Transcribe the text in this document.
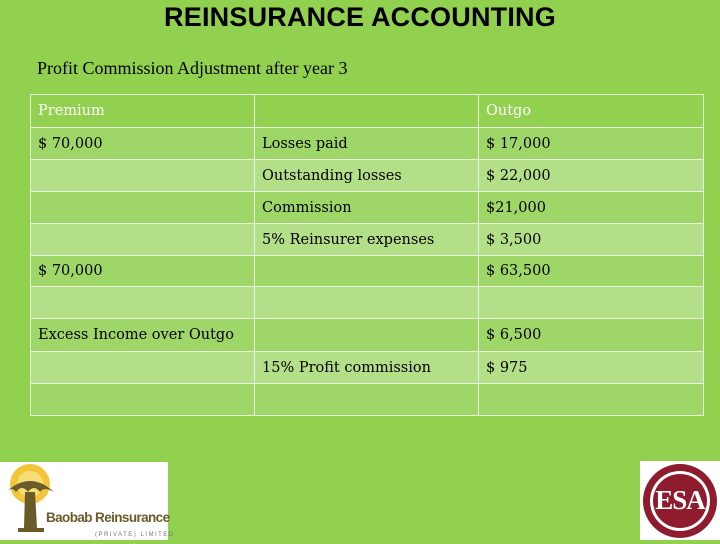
REINSURANCE ACCOUNTING
Profit Commission Adjustment after year 3
Premium		Outgo
$ 70,000	Losses paid	$ 17,000
	Outstanding losses	$ 22,000
	Commission	$21,000
	5% Reinsurer expenses	$ 3,500
$ 70,000		$ 63,500

Excess Income over Outgo		$ 6,500
	15% Profit commission	$ 975

Baobab Reinsurance
(PRIVATE) LIMITED
ESA
